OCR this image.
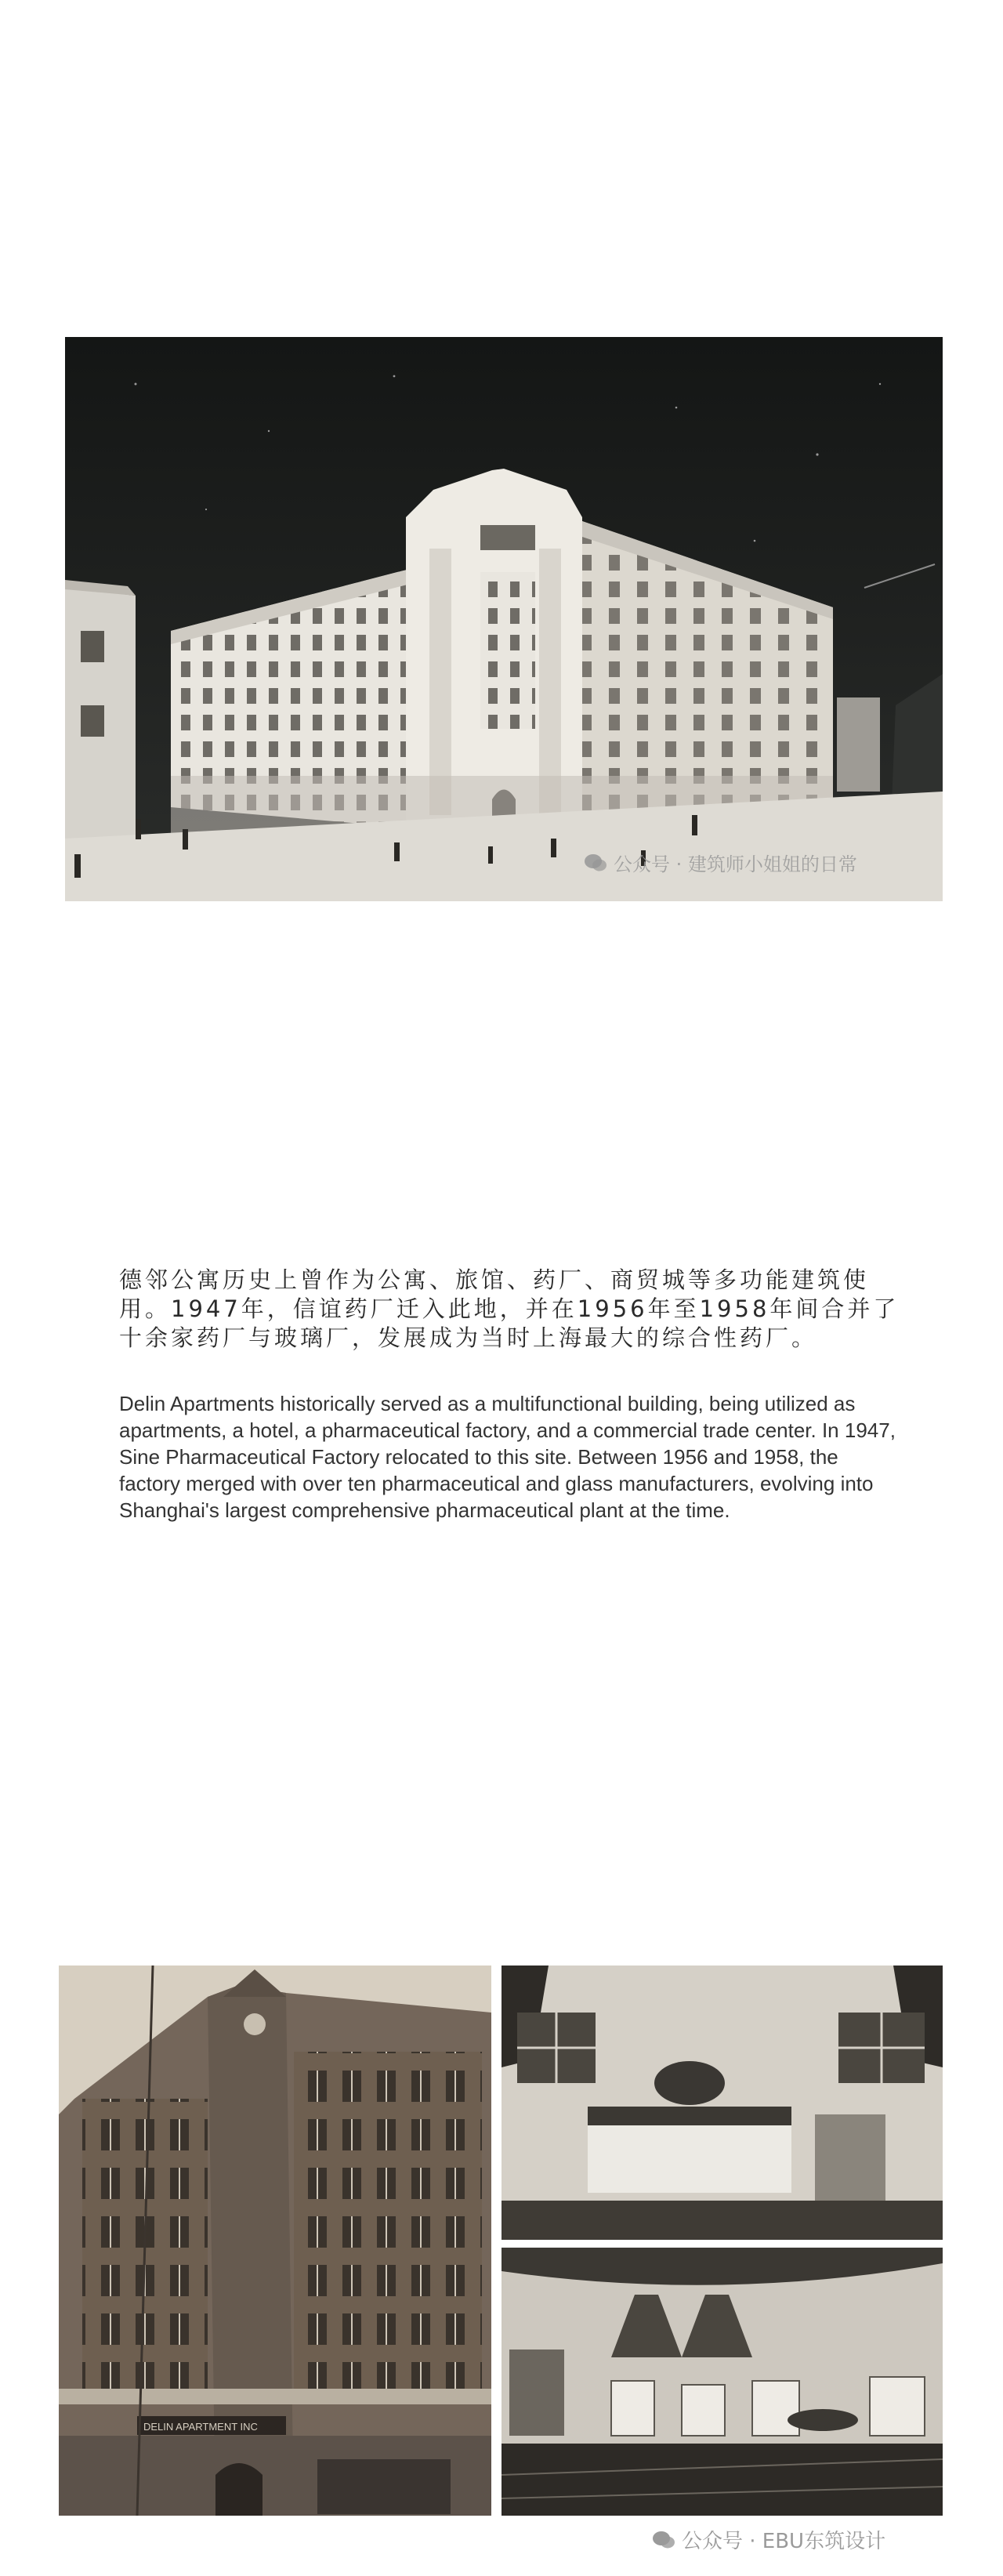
公众号 · 建筑师小姐姐的日常

德邻公寓历史上曾作为公寓、旅馆、药厂、商贸城等多功能建筑使用。1947年，信谊药厂迁入此地，并在1956年至1958年间合并了十余家药厂与玻璃厂，发展成为当时上海最大的综合性药厂。

Delin Apartments historically served as a multifunctional building, being utilized as apartments, a hotel, a pharmaceutical factory, and a commercial trade center. In 1947, Sine Pharmaceutical Factory relocated to this site. Between 1956 and 1958, the factory merged with over ten pharmaceutical and glass manufacturers, evolving into Shanghai's largest comprehensive pharmaceutical plant at the time.

DELIN APARTMENT INC
公众号 · EBU东筑设计
